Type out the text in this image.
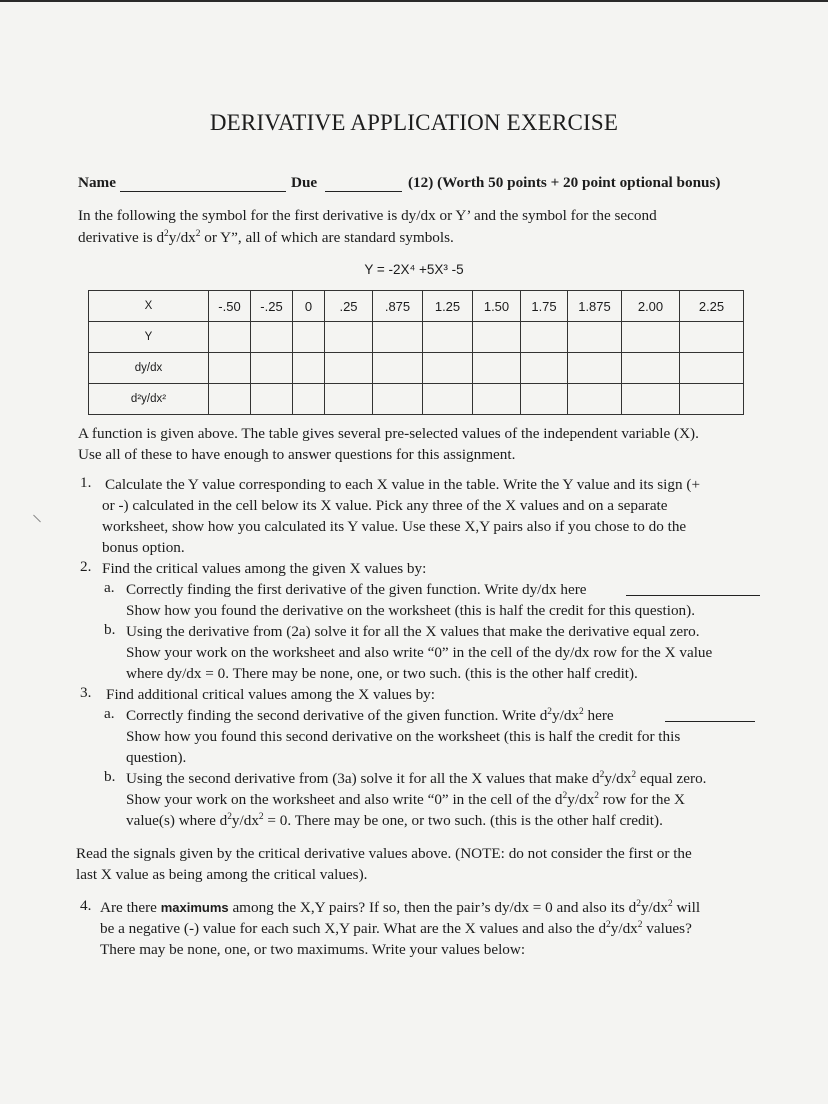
DERIVATIVE APPLICATION EXERCISE
Name	Due	(12) (Worth 50 points + 20 point optional bonus)
In the following the symbol for the first derivative is dy/dx or Y’ and the symbol for the second
derivative is $d^2y/dx^2$ or Y”, all of which are standard symbols.
Y = -2X⁴ +5X³ -5
X	-.50	-.25	0	.25	.875	1.25	1.50	1.75	1.875	2.00	2.25
Y											
dy/dx											
d²y/dx²											
A function is given above. The table gives several pre-selected values of the independent variable (X).
Use all of these to have enough to answer questions for this assignment.
1. Calculate the Y value corresponding to each X value in the table. Write the Y value and its sign (+
or -) calculated in the cell below its X value. Pick any three of the X values and on a separate
worksheet, show how you calculated its Y value. Use these X,Y pairs also if you chose to do the
bonus option.
2. Find the critical values among the given X values by:
a. Correctly finding the first derivative of the given function. Write dy/dx here
Show how you found the derivative on the worksheet (this is half the credit for this question).
b. Using the derivative from (2a) solve it for all the X values that make the derivative equal zero.
Show your work on the worksheet and also write “0” in the cell of the dy/dx row for the X value
where dy/dx = 0. There may be none, one, or two such. (this is the other half credit).
3. Find additional critical values among the X values by:
a. Correctly finding the second derivative of the given function. Write $d^2y/dx^2$ here
Show how you found this second derivative on the worksheet (this is half the credit for this
question).
b. Using the second derivative from (3a) solve it for all the X values that make $d^2y/dx^2$ equal zero.
Show your work on the worksheet and also write “0” in the cell of the $d^2y/dx^2$ row for the X
value(s) where $d^2y/dx^2 = 0$. There may be one, or two such. (this is the other half credit).
Read the signals given by the critical derivative values above. (NOTE: do not consider the first or the
last X value as being among the critical values).
4. Are there maximums among the X,Y pairs? If so, then the pair’s dy/dx = 0 and also its $d^2y/dx^2$ will
be a negative (-) value for each such X,Y pair. What are the X values and also the $d^2y/dx^2$ values?
There may be none, one, or two maximums. Write your values below:
